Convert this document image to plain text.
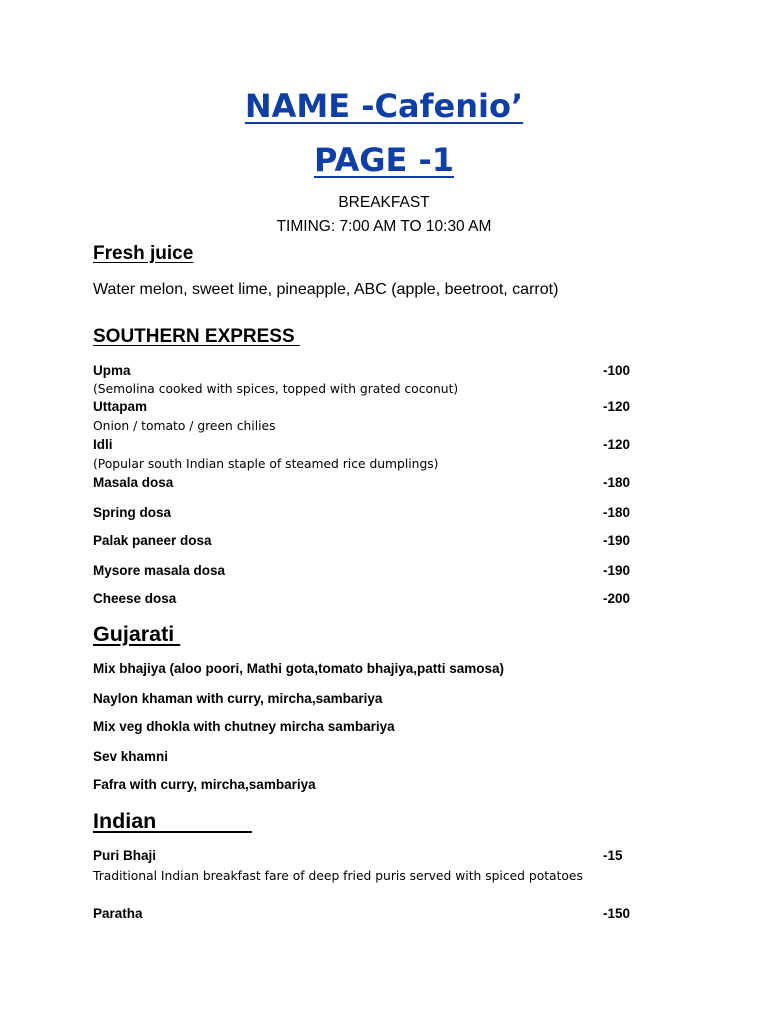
NAME -Cafenio’
PAGE -1
BREAKFAST
TIMING: 7:00 AM TO 10:30 AM
Fresh juice
Water melon, sweet lime, pineapple, ABC (apple, beetroot, carrot)
SOUTHERN EXPRESS
Upma	-100
(Semolina cooked with spices, topped with grated coconut)
Uttapam	-120
Onion / tomato / green chilies
Idli	-120
(Popular south Indian staple of steamed rice dumplings)
Masala dosa	-180
Spring dosa	-180
Palak paneer dosa	-190
Mysore masala dosa	-190
Cheese dosa	-200
Gujarati
Mix bhajiya (aloo poori, Mathi gota,tomato bhajiya,patti samosa)
Naylon khaman with curry, mircha,sambariya
Mix veg dhokla with chutney mircha sambariya
Sev khamni
Fafra with curry, mircha,sambariya
Indian
Puri Bhaji	-15
Traditional Indian breakfast fare of deep fried puris served with spiced potatoes
Paratha	-150
